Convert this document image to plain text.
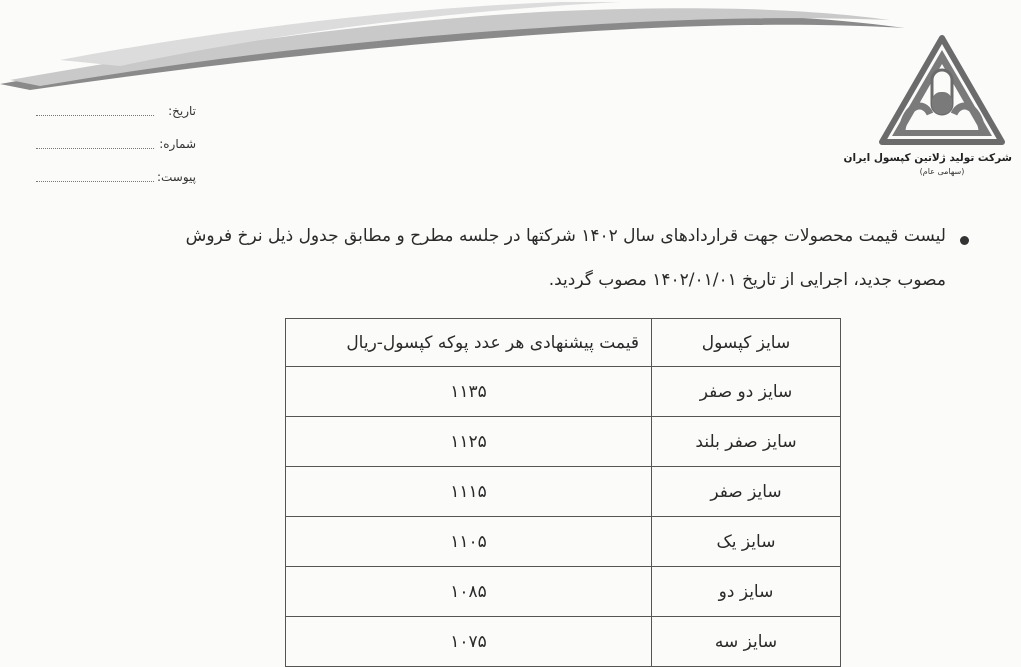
شرکت تولید ژلاتین کپسول ایران
(سهامی عام)
تاریخ:
شماره:
پیوست:
لیست قیمت محصولات جهت قراردادهای سال ۱۴۰۲ شرکتها در جلسه مطرح و مطابق جدول ذیل نرخ فروش
مصوب جدید، اجرایی از تاریخ ۱۴۰۲/۰۱/۰۱ مصوب گردید.
سایز کپسول	قیمت پیشنهادی هر عدد پوکه کپسول-ریال
سایز دو صفر	۱۱۳۵
سایز صفر بلند	۱۱۲۵
سایز صفر	۱۱۱۵
سایز یک	۱۱۰۵
سایز دو	۱۰۸۵
سایز سه	۱۰۷۵
